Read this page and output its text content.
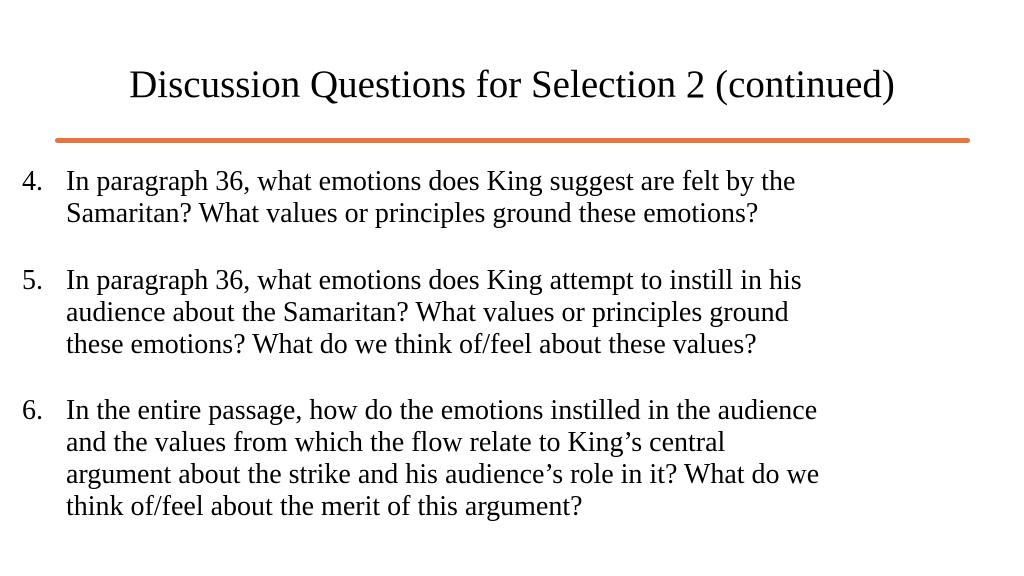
Discussion Questions for Selection 2 (continued)
4. In paragraph 36, what emotions does King suggest are felt by the
Samaritan? What values or principles ground these emotions?
5. In paragraph 36, what emotions does King attempt to instill in his
audience about the Samaritan? What values or principles ground
these emotions? What do we think of/feel about these values?
6. In the entire passage, how do the emotions instilled in the audience
and the values from which the flow relate to King’s central
argument about the strike and his audience’s role in it? What do we
think of/feel about the merit of this argument?
